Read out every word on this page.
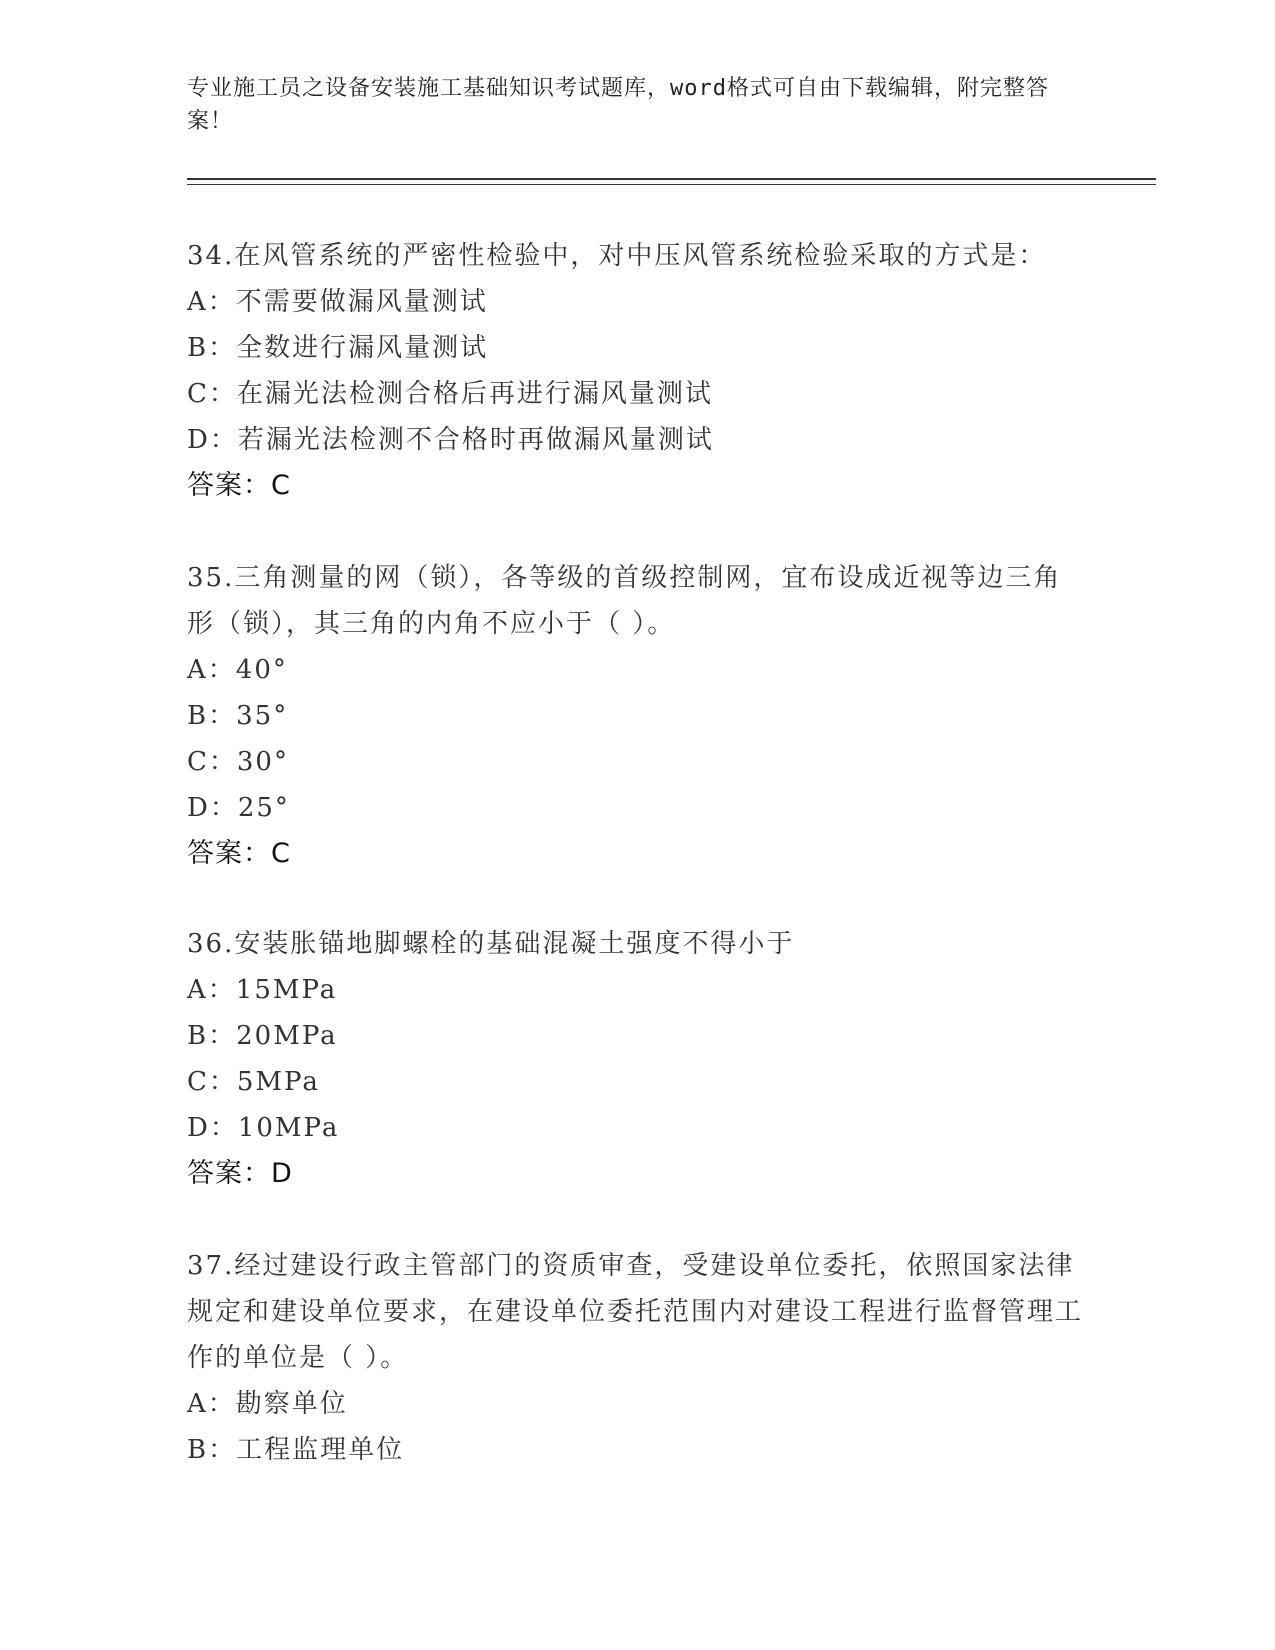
专业施工员之设备安装施工基础知识考试题库，word格式可自由下载编辑，附完整答案！
34.在风管系统的严密性检验中，对中压风管系统检验采取的方式是：
A：不需要做漏风量测试
B：全数进行漏风量测试
C：在漏光法检测合格后再进行漏风量测试
D：若漏光法检测不合格时再做漏风量测试
答案：C
35.三角测量的网（锁），各等级的首级控制网，宜布设成近视等边三角形（锁），其三角的内角不应小于（ ）。
A：40°
B：35°
C：30°
D：25°
答案：C
36.安装胀锚地脚螺栓的基础混凝土强度不得小于
A：15MPa
B：20MPa
C：5MPa
D：10MPa
答案：D
37.经过建设行政主管部门的资质审查，受建设单位委托，依照国家法律规定和建设单位要求，在建设单位委托范围内对建设工程进行监督管理工作的单位是（ ）。
A：勘察单位
B：工程监理单位
